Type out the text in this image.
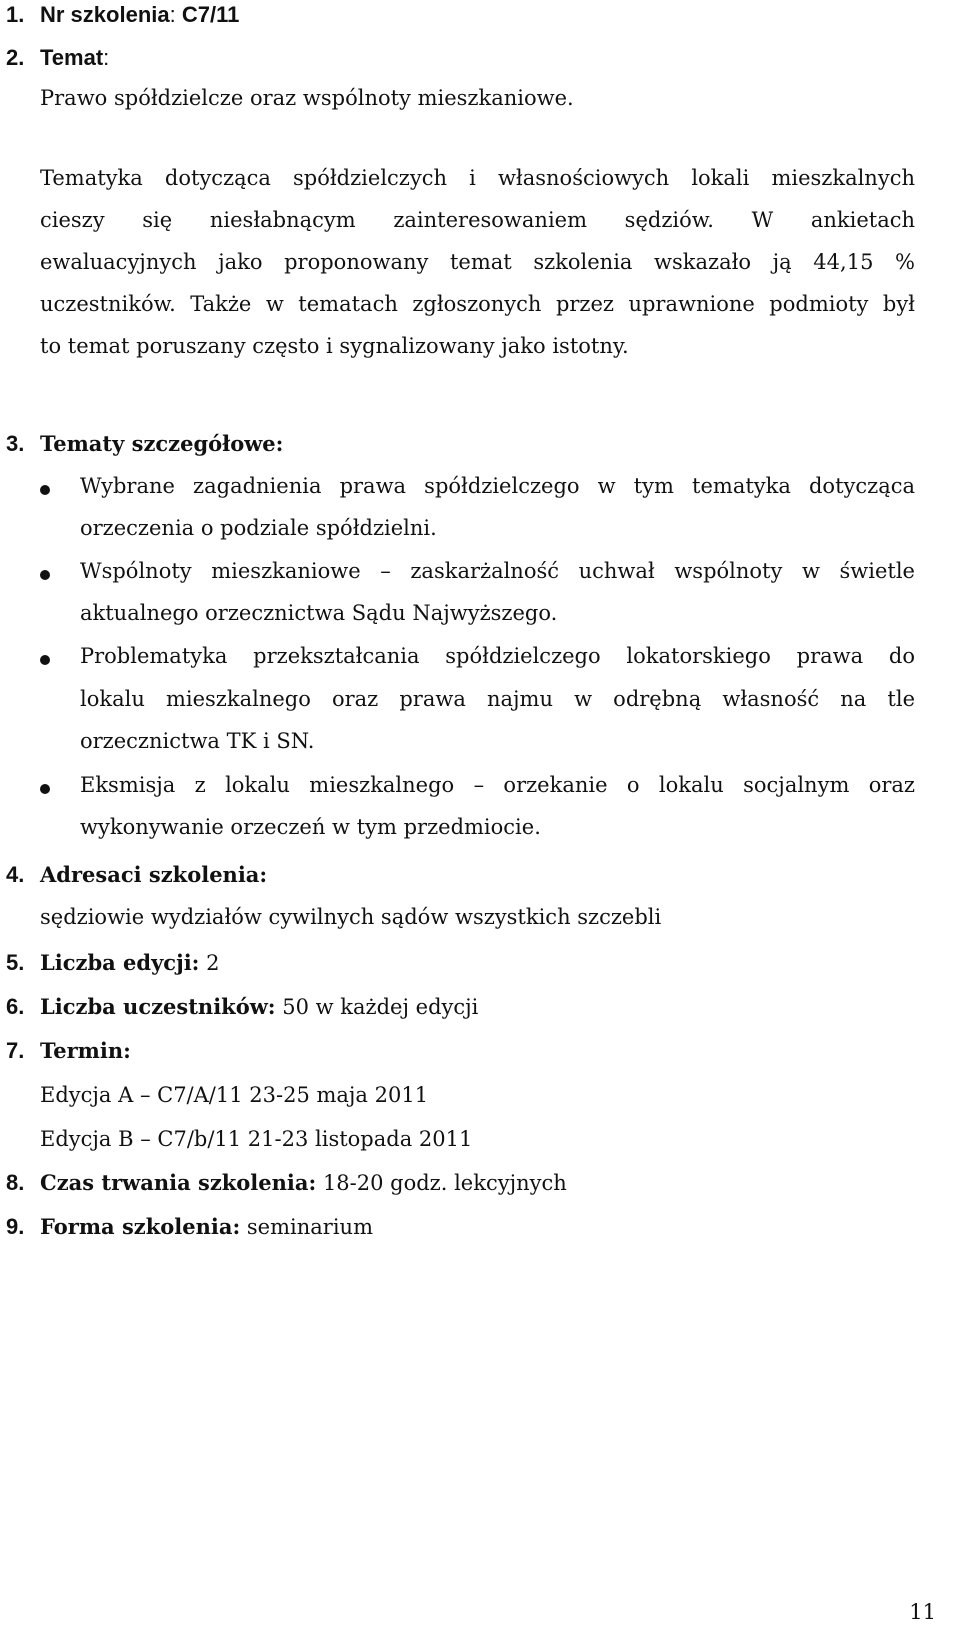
1. Nr szkolenia: C7/11
2. Temat:
Prawo spółdzielcze oraz wspólnoty mieszkaniowe.
Tematyka dotycząca spółdzielczych i własnościowych lokali mieszkalnych
cieszy się niesłabnącym zainteresowaniem sędziów. W ankietach
ewaluacyjnych jako proponowany temat szkolenia wskazało ją 44,15 %
uczestników. Także w tematach zgłoszonych przez uprawnione podmioty był
to temat poruszany często i sygnalizowany jako istotny.
3. Tematy szczegółowe:
Wybrane zagadnienia prawa spółdzielczego w tym tematyka dotycząca
orzeczenia o podziale spółdzielni.
Wspólnoty mieszkaniowe – zaskarżalność uchwał wspólnoty w świetle
aktualnego orzecznictwa Sądu Najwyższego.
Problematyka przekształcania spółdzielczego lokatorskiego prawa do
lokalu mieszkalnego oraz prawa najmu w odrębną własność na tle
orzecznictwa TK i SN.
Eksmisja z lokalu mieszkalnego – orzekanie o lokalu socjalnym oraz
wykonywanie orzeczeń w tym przedmiocie.
4. Adresaci szkolenia:
sędziowie wydziałów cywilnych sądów wszystkich szczebli
5. Liczba edycji: 2
6. Liczba uczestników: 50 w każdej edycji
7. Termin:
Edycja A – C7/A/11 23-25 maja 2011
Edycja B – C7/b/11 21-23 listopada 2011
8. Czas trwania szkolenia: 18-20 godz. lekcyjnych
9. Forma szkolenia: seminarium
11
